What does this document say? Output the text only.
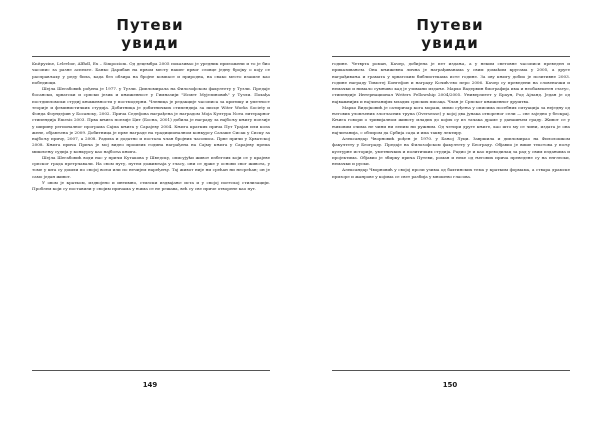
Путеви
увиди

Knitpyzine, Lvlevbor, Alfhdl, Ex – Simpoziom. Од децембра 2005 показивао је уредник приложени и то је био часопис за разне аспекте. Банко Дарибан на првом месту нашег првог словце једну бројку о коју се расправљаху у реду била, када без обзира на бројне компасе и природна, на свако место изашле као победиоци.

Шејла Шегабовић рођена је 1977. у Тузли. Дипломирала на Филозофском факултету у Тузли. Предаје босански, хрватски и српски језик и књижевност у Гимназији "Исмет Мујезиновић" у Тузли. Похађа постдипломски студиј књижевности у постмодерни. Членица је редакције часописа за критику и уметност теорије и феминистичких студија. Добитница је добитничких стипендија за писце Witer Works Society и Фонда Фоундејшн у Босанску, 2002. Прича Седефова награђена је наградом Моја Култура Nova литерарног стипендија Emesis 2003. Прва књига поезије Цит (Босна, 2001) добила је награду за најбољу књигу поезије у ширину регионалног програма Сајма књига у Сарајеву 2004. Књига кратких прича Пут Трајан или кола жене, објављена је 2009. Добитница је прве награде на традиционалном конкурсу Салаше Сисак у Сиску за најбољу причу, 2007, а 2008. Радила и додатно и постала члан бројних часописа. Прве причи у Хрватској 2008. Књига прича Прича је мој видео прошлих година награђена на Сајму књига у Сарајеву према мишљењу судија у конкурсу као најбоља књига.

Шејла Шегабовић води нас у причи Кутакова у Шведску, описујући живот избеглих који се у крајеве српског града претрчавали. На свом путу, путем доживљаја у гласу, они се држе у основи свог живота, у томе у шта су дошли по својој вољи или по нечијем наређењу. Тај живот није ни срећан ни несрећан; он је само један живот.

У овом је кратком, издвојено и интимно, стилски издвајање иста и у својој поетској стилизацији. Проблем који су поставили у својим причама у њима се не решава, већ су све приче отворене као пут.

149
Путеви
увиди

године. Четврта роман, Качер, добијена је пет издања, а у неким световне часописи преведен и приказивањем. Она књижевна лична је награђиванама у свим домаћим кругама у 2005, а друге награђивања и грамата у хрватским библиотекама исте године. За ову књигу добио је позитивне 2003. године награду Тимотеј Бонгефон и награду Кочић-ево перо 2006. Качер су преведени на словеначки и немачки и нимало сумњиво кад је узимани издање. Марко Вадервин биографија има и необавештен статус, стипендије Интернационал Writers Fellowship 2004/2005. Универзитет у Браун, Род Ајланд. Један је од најважнијих и најчитанијих младих српских писаца. Члан је Српског књижевног друштва.

Марко Видојковић је сатиричар кога мораш, мимо суђења у описима посебних ситуација за неједну од његових уловљених злогласних трупа (Oversense) у којој два јунака отвореног сели — све заједно у бескрај. Књига говори о тривијалном животу младих до којих су из тачака драме у данашњем граду. Живот се у њиховим очима не чини ни лепим ни ружним. Од четири друге књиге, као што му се чини, издата је она најчитанија, с обзиром да Србија сада и има такву лектиру.

Александар Чворновић рођен је 1970. у Бањој Луци. Завршила и дипломирао на Филолошком факултету у Београду. Предаје на Филозофском факултету у Београду. Објавио је више текстова у пољу културне историје, уметничких и политичких студија. Радио је и као преводилац за рад у свим издањима и пројектима. Објавио је збирку прича Путеви, роман и неке од његових прича преведене су на енглески, немачки и руски.

Александар Чворновић у својој прози узима од бахтинских тема у кратким формама, а ствара драмске призоре и жанрове у којима се свет разбија у мноштво гласова.

150
